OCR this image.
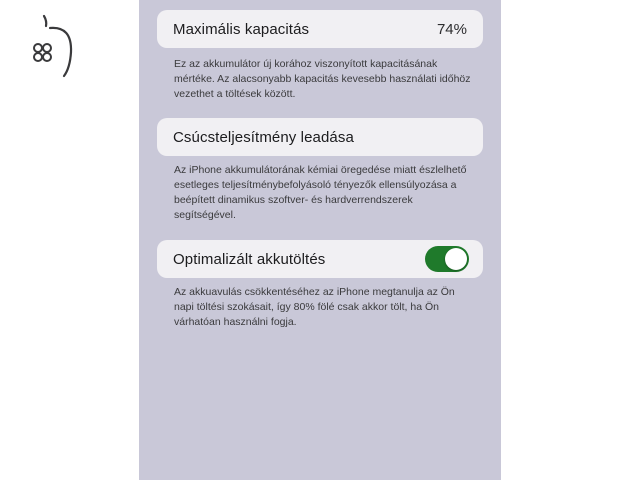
Maximális kapacitás	74%
Ez az akkumulátor új korához viszonyított kapacitásának mértéke. Az alacsonyabb kapacitás kevesebb használati időhöz vezethet a töltések között.
Csúcsteljesítmény leadása
Az iPhone akkumulátorának kémiai öregedése miatt észlelhető esetleges teljesítménybefolyásoló tényezők ellensúlyozása a beépített dinamikus szoftver- és hardverrendszerek segítségével.
Optimalizált akkutöltés
Az akkuavulás csökkentéséhez az iPhone megtanulja az Ön napi töltési szokásait, így 80% fölé csak akkor tölt, ha Ön várhatóan használni fogja.
